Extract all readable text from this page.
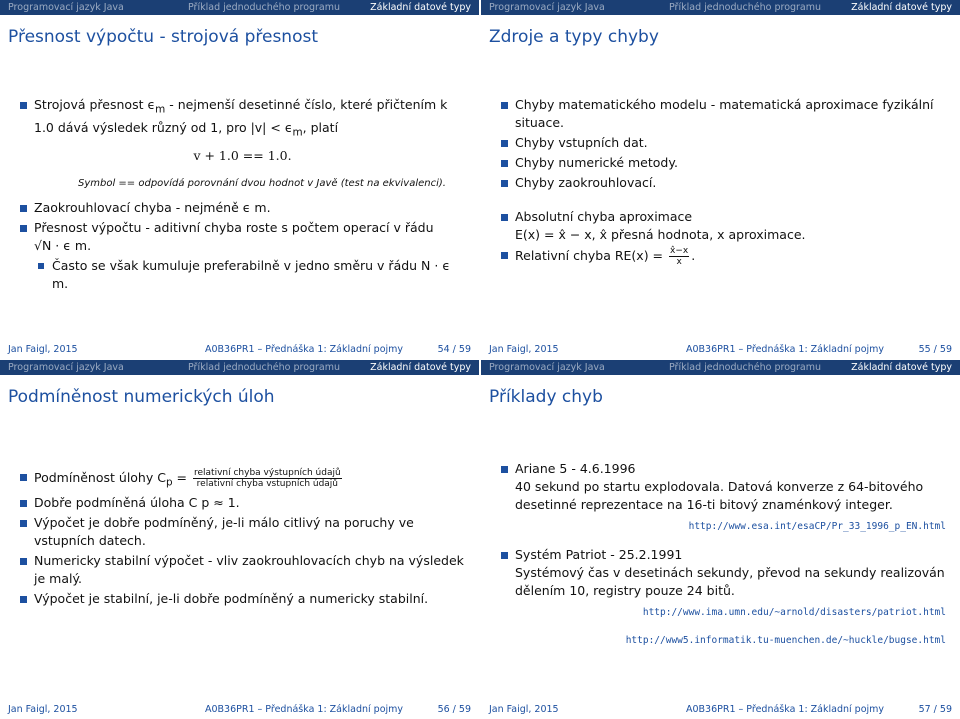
Programovací jazyk Java	Příklad jednoduchého programu	Základní datové typy
Přesnost výpočtu - strojová přesnost
Strojová přesnost $\epsilon_m$ - nejmenší desetinné číslo, které přičtením k 1.0 dává výsledek různý od 1, pro $|v| < \epsilon_m$, platí
v + 1.0 == 1.0.
Symbol == odpovídá porovnání dvou hodnot v Javě (test na ekvivalenci).
Zaokrouhlovací chyba - nejméně ϵ m.
Přesnost výpočtu - aditivní chyba roste s počtem operací v řádu
√N · ϵ m.
Často se však kumuluje preferabilně v jedno směru v řádu N · ϵ m.
Jan Faigl, 2015	A0B36PR1 – Přednáška 1: Základní pojmy	54 / 59
Programovací jazyk Java	Příklad jednoduchého programu	Základní datové typy
Zdroje a typy chyby
Chyby matematického modelu - matematická aproximace fyzikální situace.
Chyby vstupních dat.
Chyby numerické metody.
Chyby zaokrouhlovací.
Absolutní chyba aproximace
E(x) = x̂ − x, x̂ přesná hodnota, x aproximace.
Relativní chyba $RE(x) = \frac{x̂-x}{x}$ .
Jan Faigl, 2015	A0B36PR1 – Přednáška 1: Základní pojmy	55 / 59
Programovací jazyk Java	Příklad jednoduchého programu	Základní datové typy
Podmíněnost numerických úloh
Podmíněnost úlohy $C_p = \frac{\text{relativní chyba výstupních údajů}}{\text{relativní chyba vstupních údajů}}$
Dobře podmíněná úloha C p ≈ 1.
Výpočet je dobře podmíněný, je-li málo citlivý na poruchy ve vstupních datech.
Numericky stabilní výpočet - vliv zaokrouhlovacích chyb na výsledek je malý.
Výpočet je stabilní, je-li dobře podmíněný a numericky stabilní.
Jan Faigl, 2015	A0B36PR1 – Přednáška 1: Základní pojmy	56 / 59
Programovací jazyk Java	Příklad jednoduchého programu	Základní datové typy
Příklady chyb
Ariane 5 - 4.6.1996
40 sekund po startu explodovala. Datová konverze z 64-bitového desetinné reprezentace na 16-ti bitový znaménkový integer.
http://www.esa.int/esaCP/Pr_33_1996_p_EN.html
Systém Patriot - 25.2.1991
Systémový čas v desetinách sekundy, převod na sekundy realizován dělením 10, registry pouze 24 bitů.
http://www.ima.umn.edu/~arnold/disasters/patriot.html
http://www5.informatik.tu-muenchen.de/~huckle/bugse.html
Jan Faigl, 2015	A0B36PR1 – Přednáška 1: Základní pojmy	57 / 59
